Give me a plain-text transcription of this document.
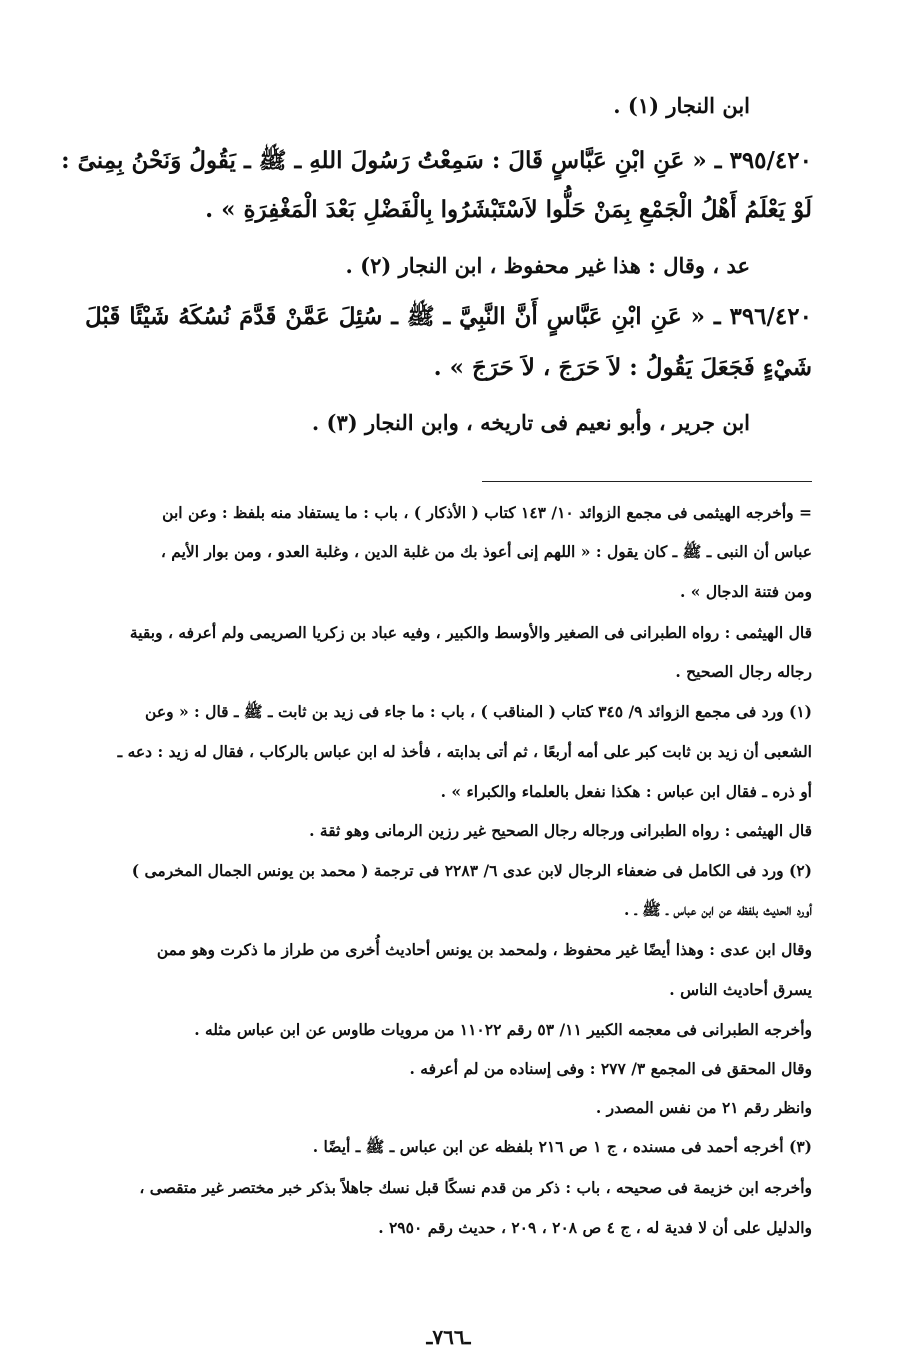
ابن النجار (١) .
٣٩٥/٤٢٠ ـ « عَنِ ابْنِ عَبَّاسٍ قَالَ : سَمِعْتُ رَسُولَ اللهِ ـ ﷺ ـ يَقُولُ وَنَحْنُ بِمِنىً :
لَوْ يَعْلَمُ أَهْلُ الْجَمْعِ بِمَنْ حَلُّوا لاَسْتَبْشَرُوا بِالْفَضْلِ بَعْدَ الْمَغْفِرَةِ » .
عد ، وقال : هذا غير محفوظ ، ابن النجار (٢) .
٣٩٦/٤٢٠ ـ « عَنِ ابْنِ عَبَّاسٍ أَنَّ النَّبِيَّ ـ ﷺ ـ سُئِلَ عَمَّنْ قَدَّمَ نُسُكَهُ شَيْئًا قَبْلَ
شَيْءٍ فَجَعَلَ يَقُولُ : لاَ حَرَجَ ، لاَ حَرَجَ » .
ابن جرير ، وأبو نعيم فى تاريخه ، وابن النجار (٣) .
= وأخرجه الهيثمى فى مجمع الزوائد ١٠/ ١٤٣ كتاب ( الأذكار ) ، باب : ما يستفاد منه بلفظ : وعن ابن
عباس أن النبى ـ ﷺ ـ كان يقول : « اللهم إنى أعوذ بك من غلبة الدين ، وغلبة العدو ، ومن بوار الأيم ،
ومن فتنة الدجال » .
قال الهيثمى : رواه الطبرانى فى الصغير والأوسط والكبير ، وفيه عباد بن زكريا الصريمى ولم أعرفه ، وبقية
رجاله رجال الصحيح .
(١) ورد فى مجمع الزوائد ٩/ ٣٤٥ كتاب ( المناقب ) ، باب : ما جاء فى زيد بن ثابت ـ ﷺ ـ قال : « وعن
الشعبى أن زيد بن ثابت كبر على أمه أربعًا ، ثم أتى بدابته ، فأخذ له ابن عباس بالركاب ، فقال له زيد : دعه ـ
أو ذره ـ فقال ابن عباس : هكذا نفعل بالعلماء والكبراء » .
قال الهيثمى : رواه الطبرانى ورجاله رجال الصحيح غير رزين الرمانى وهو ثقة .
(٢) ورد فى الكامل فى ضعفاء الرجال لابن عدى ٦/ ٢٢٨٣ فى ترجمة ( محمد بن يونس الجمال المخرمى )
أورد الحديث بلفظه عن ابن عباس ـ ﷺ ـ .
وقال ابن عدى : وهذا أيضًا غير محفوظ ، ولمحمد بن يونس أحاديث أُخرى من طراز ما ذكرت وهو ممن
يسرق أحاديث الناس .
وأخرجه الطبرانى فى معجمه الكبير ١١/ ٥٣ رقم ١١٠٢٢ من مرويات طاوس عن ابن عباس مثله .
وقال المحقق فى المجمع ٣/ ٢٧٧ : وفى إسناده من لم أعرفه .
وانظر رقم ٢١ من نفس المصدر .
(٣) أخرجه أحمد فى مسنده ، ج ١ ص ٢١٦ بلفظه عن ابن عباس ـ ﷺ ـ أيضًا .
وأخرجه ابن خزيمة فى صحيحه ، باب : ذكر من قدم نسكًا قبل نسك جاهلاً بذكر خبر مختصر غير متقصى ،
والدليل على أن لا فدية له ، ج ٤ ص ٢٠٨ ، ٢٠٩ ، حديث رقم ٢٩٥٠ .
ـ٧٦٦ـ
